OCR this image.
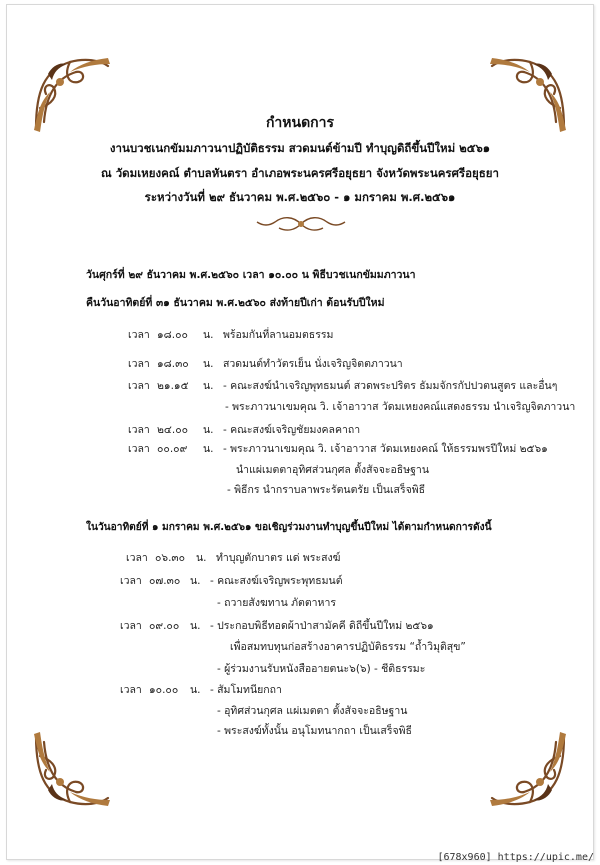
กำหนดการ
งานบวชเนกขัมมภาวนาปฏิบัติธรรม สวดมนต์ข้ามปี ทำบุญดิถีขึ้นปีใหม่ ๒๕๖๑
ณ วัดมเหยงคณ์ ตำบลหันตรา อำเภอพระนครศรีอยุธยา จังหวัดพระนครศรีอยุธยา
ระหว่างวันที่ ๒๙ ธันวาคม พ.ศ.๒๕๖๐ - ๑ มกราคม พ.ศ.๒๕๖๑
วันศุกร์ที่ ๒๙ ธันวาคม พ.ศ.๒๕๖๐ เวลา ๑๐.๐๐ น พิธีบวชเนกขัมมภาวนา
คืนวันอาทิตย์ที่ ๓๑ ธันวาคม พ.ศ.๒๕๖๐ ส่งท้ายปีเก่า ต้อนรับปีใหม่
เวลา ๑๘.๐๐ น. พร้อมกันที่ลานอมตธรรม
เวลา ๑๘.๓๐ น. สวดมนต์ทำวัตรเย็น นั่งเจริญจิตตภาวนา
เวลา ๒๑.๑๕ น. - คณะสงฆ์นำเจริญพุทธมนต์ สวดพระปริตร ธัมมจักรกัปปวตนสูตร และอื่นๆ
- พระภาวนาเขมคุณ วิ. เจ้าอาวาส วัดมเหยงคณ์แสดงธรรม นำเจริญจิตภาวนา
เวลา ๒๔.๐๐ น. - คณะสงฆ์เจริญชัยมงคลคาถา
เวลา ๐๐.๐๙ น. - พระภาวนาเขมคุณ วิ. เจ้าอาวาส วัดมเหยงคณ์ ให้ธรรมพรปีใหม่ ๒๕๖๑
นำแผ่เมตตาอุทิศส่วนกุศล ตั้งสัจจะอธิษฐาน
- พิธีกร นำกราบลาพระรัตนตรัย เป็นเสร็จพิธี
ในวันอาทิตย์ที่ ๑ มกราคม พ.ศ.๒๕๖๑ ขอเชิญร่วมงานทำบุญขึ้นปีใหม่ ได้ตามกำหนดการดังนี้
เวลา ๐๖.๓๐ น. ทำบุญตักบาตร แด่ พระสงฆ์
เวลา ๐๗.๓๐ น. - คณะสงฆ์เจริญพระพุทธมนต์
- ถวายสังฆทาน ภัตตาหาร
เวลา ๐๙.๐๐ น. - ประกอบพิธีทอดผ้าป่าสามัคคี ดิถีขึ้นปีใหม่ ๒๕๖๑
เพื่อสมทบทุนก่อสร้างอาคารปฏิบัติธรรม “ถ้ำวิมุติสุข”
- ผู้ร่วมงานรับหนังสืออายตนะ๖(๖) - ชีติธรรมะ
เวลา ๑๐.๐๐ น. - สัมโมทนียกถา
- อุทิศส่วนกุศล แผ่เมตตา ตั้งสัจจะอธิษฐาน
- พระสงฆ์ทั้งนั้น อนุโมทนากถา เป็นเสร็จพิธี
[678x960] https://upic.me/
